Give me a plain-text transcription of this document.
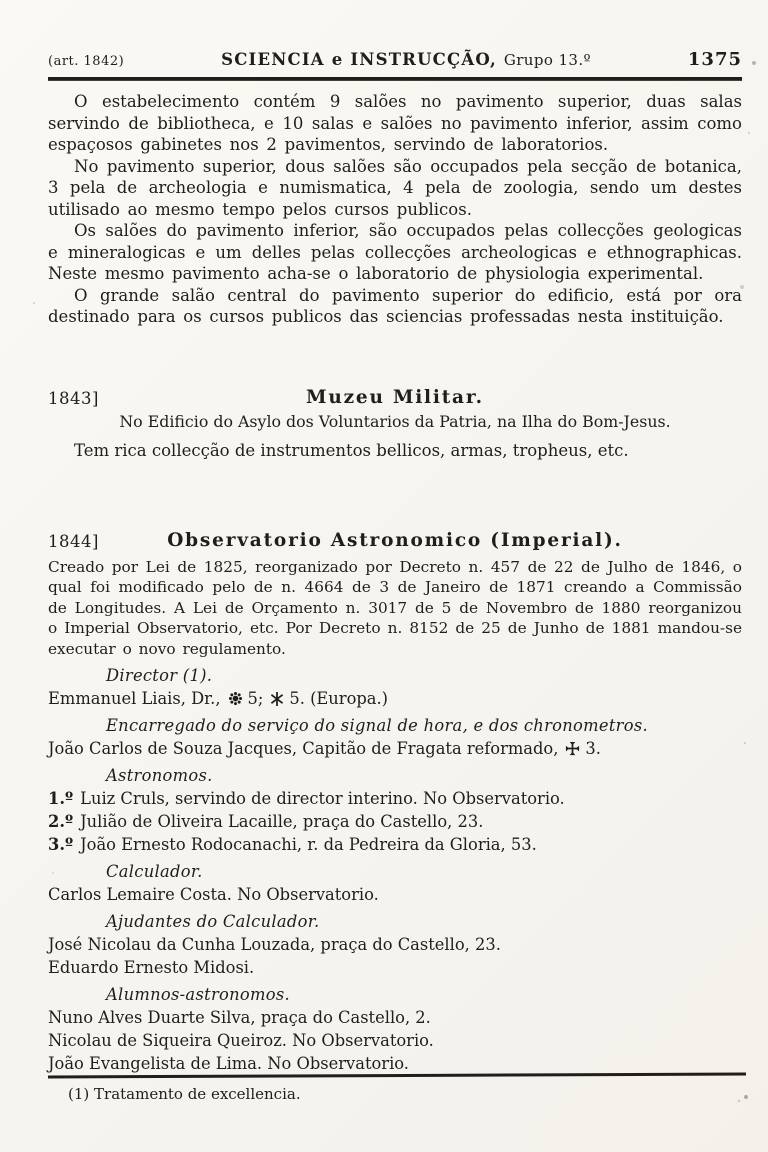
(art. 1842)	SCIENCIA e INSTRUCÇÃO, Grupo 13.º	1375

O estabelecimento contém 9 salões no pavimento superior, duas salas servindo de bibliotheca, e 10 salas e salões no pavimento inferior, assim como espaçosos gabinetes nos 2 pavimentos, servindo de laboratorios.

No pavimento superior, dous salões são occupados pela secção de botanica, 3 pela de archeologia e numismatica, 4 pela de zoologia, sendo um destes utilisado ao mesmo tempo pelos cursos publicos.

Os salões do pavimento inferior, são occupados pelas collecções geologicas e mineralogicas e um delles pelas collecções archeologicas e ethnographicas. Neste mesmo pavimento acha-se o laboratorio de physiologia experimental.

O grande salão central do pavimento superior do edificio, está por ora destinado para os cursos publicos das sciencias professadas nesta instituição.

1843]	Muzeu Militar.

No Edificio do Asylo dos Voluntarios da Patria, na Ilha do Bom-Jesus.

Tem rica collecção de instrumentos bellicos, armas, tropheus, etc.

1844]	Observatorio Astronomico (Imperial).

Creado por Lei de 1825, reorganizado por Decreto n. 457 de 22 de Julho de 1846, o qual foi modificado pelo de n. 4664 de 3 de Janeiro de 1871 creando a Commissão de Longitudes. A Lei de Orçamento n. 3017 de 5 de Novembro de 1880 reorganizou o Imperial Observatorio, etc. Por Decreto n. 8152 de 25 de Junho de 1881 mandou-se executar o novo regulamento.

Director (1).

Emmanuel Liais, Dr., 5; 5. (Europa.)

Encarregado do serviço do signal de hora, e dos chronometros.

João Carlos de Souza Jacques, Capitão de Fragata reformado, 3.

Astronomos.

1.º Luiz Cruls, servindo de director interino. No Observatorio.

2.º Julião de Oliveira Lacaille, praça do Castello, 23.

3.º João Ernesto Rodocanachi, r. da Pedreira da Gloria, 53.

Calculador.

Carlos Lemaire Costa. No Observatorio.

Ajudantes do Calculador.

José Nicolau da Cunha Louzada, praça do Castello, 23.

Eduardo Ernesto Midosi.

Alumnos-astronomos.

Nuno Alves Duarte Silva, praça do Castello, 2.

Nicolau de Siqueira Queiroz. No Observatorio.

João Evangelista de Lima. No Observatorio.

(1) Tratamento de excellencia.
